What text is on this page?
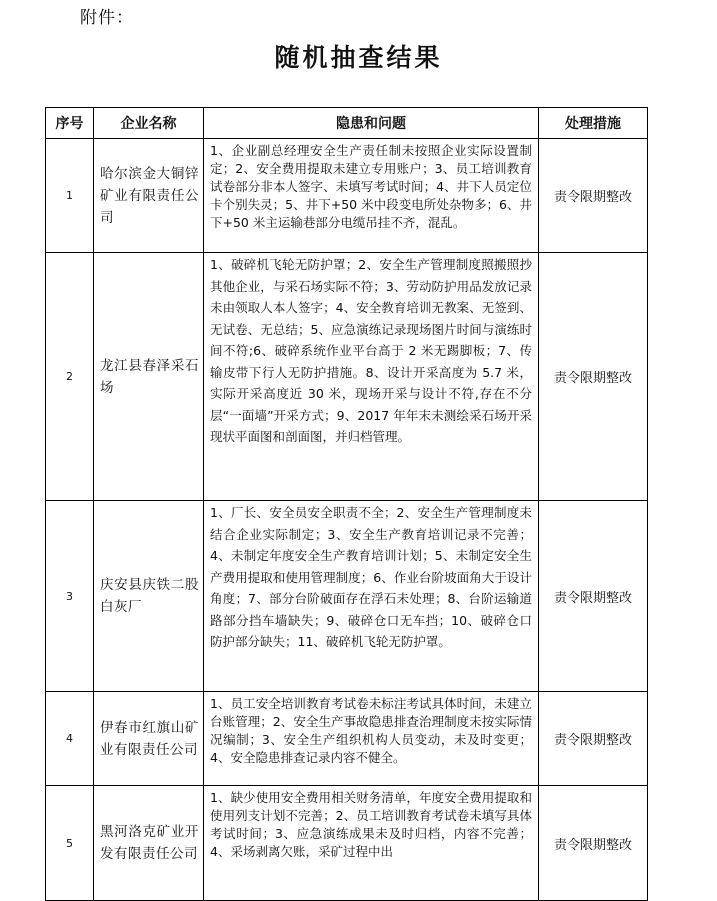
附件：
随机抽查结果
序号	企业名称	隐患和问题	处理措施
1	哈尔滨金大铜锌矿业有限责任公司	1、企业副总经理安全生产责任制未按照企业实际设置制定；2、安全费用提取未建立专用账户；3、员工培训教育试卷部分非本人签字、未填写考试时间；4、井下人员定位卡个别失灵；5、井下+50 米中段变电所处杂物多；6、井下+50 米主运输巷部分电缆吊挂不齐，混乱。	责令限期整改
2	龙江县春泽采石场	1、破碎机飞轮无防护罩；2、安全生产管理制度照搬照抄其他企业，与采石场实际不符；3、劳动防护用品发放记录未由领取人本人签字；4、安全教育培训无教案、无签到、无试卷、无总结；5、应急演练记录现场图片时间与演练时间不符;6、破碎系统作业平台高于 2 米无踢脚板；7、传输皮带下行人无防护措施。8、设计开采高度为 5.7 米，实际开采高度近 30 米，现场开采与设计不符,存在不分层“一面墙”开采方式；9、2017 年年末未测绘采石场开采现状平面图和剖面图，并归档管理。	责令限期整改
3	庆安县庆铁二股白灰厂	1、厂长、安全员安全职责不全；2、安全生产管理制度未结合企业实际制定；3、安全生产教育培训记录不完善；4、未制定年度安全生产教育培训计划；5、未制定安全生产费用提取和使用管理制度；6、作业台阶坡面角大于设计角度；7、部分台阶破面存在浮石未处理；8、台阶运输道路部分挡车墙缺失；9、破碎仓口无车挡；10、破碎仓口防护部分缺失；11、破碎机飞轮无防护罩。	责令限期整改
4	伊春市红旗山矿业有限责任公司	1、员工安全培训教育考试卷未标注考试具体时间，未建立台账管理；2、安全生产事故隐患排查治理制度未按实际情况编制；3、安全生产组织机构人员变动，未及时变更；4、安全隐患排查记录内容不健全。	责令限期整改
5	黑河洛克矿业开发有限责任公司	1、缺少使用安全费用相关财务清单，年度安全费用提取和使用列支计划不完善；2、员工培训教育考试卷未填写具体考试时间；3、应急演练成果未及时归档，内容不完善；4、采场剥离欠账，采矿过程中出	责令限期整改
